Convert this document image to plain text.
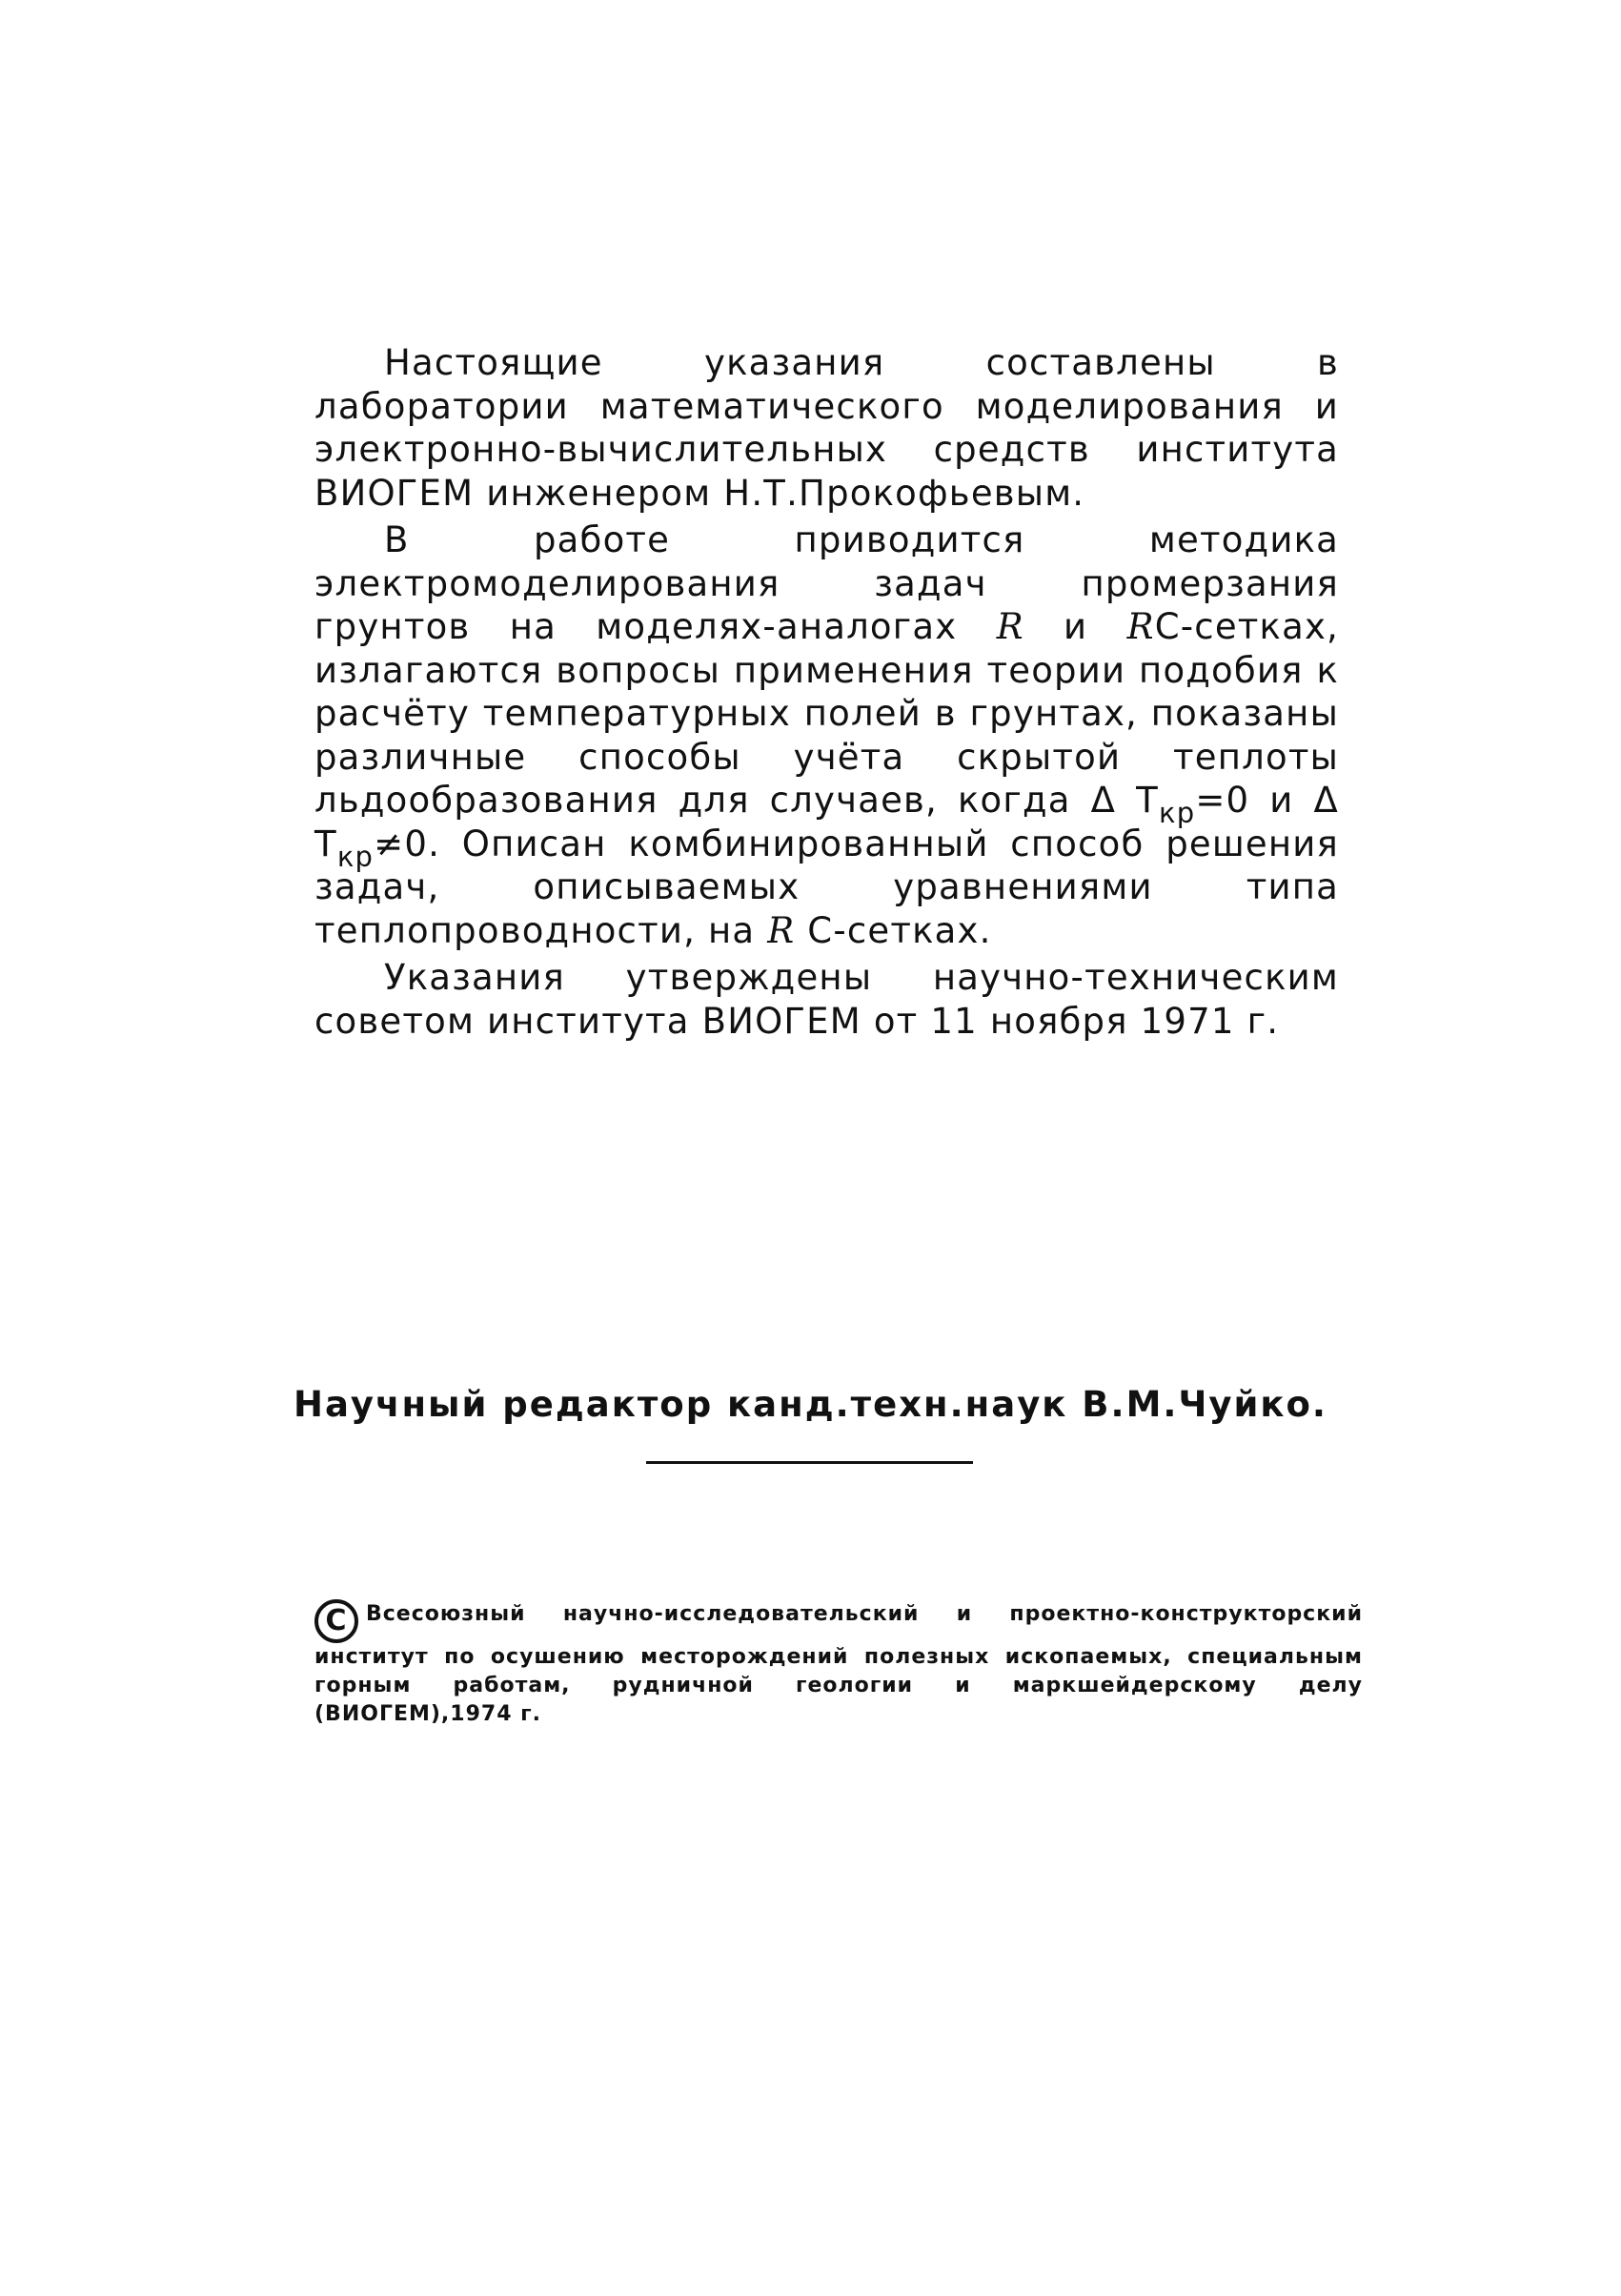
Настоящие указания составлены в лаборатории математического моделирования и электронно-вычислительных средств института ВИОГЕМ инженером Н.Т.Прокофьевым.

В работе приводится методика электромоделирования задач промерзания грунтов на моделях-аналогах R и RC-сетках, излагаются вопросы применения теории подобия к расчёту температурных полей в грунтах, показаны различные способы учёта скрытой теплоты льдообразования для случаев, когда Δ $T_{кр}=0$ и Δ $T_{кр}\ne 0$. Описан комбинированный способ решения задач, описываемых уравнениями типа теплопроводности, на R C-сетках.

Указания утверждены научно-техническим советом института ВИОГЕМ от 11 ноября 1971 г.

Научный редактор канд.техн.наук В.М.Чуйко.
C Всесоюзный научно-исследовательский и проектно-конструкторский институт по осушению месторождений полезных ископаемых, специальным горным работам, рудничной геологии и маркшейдерскому делу (ВИОГЕМ),1974 г.
